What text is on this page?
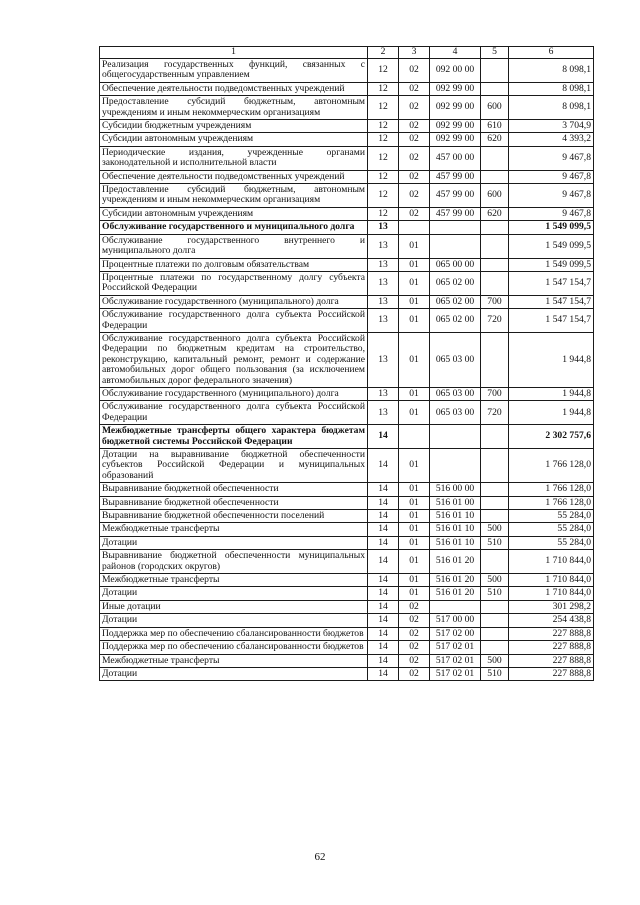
1	2	3	4	5	6
Реализация государственных функций, связанных с общегосударственным управлением	12	02	092 00 00		8 098,1
Обеспечение деятельности подведомственных учреждений	12	02	092 99 00		8 098,1
Предоставление субсидий бюджетным, автономным учреждениям и иным некоммерческим организациям	12	02	092 99 00	600	8 098,1
Субсидии бюджетным учреждениям	12	02	092 99 00	610	3 704,9
Субсидии автономным учреждениям	12	02	092 99 00	620	4 393,2
Периодические издания, учрежденные органами законодательной и исполнительной власти	12	02	457 00 00		9 467,8
Обеспечение деятельности подведомственных учреждений	12	02	457 99 00		9 467,8
Предоставление субсидий бюджетным, автономным учреждениям и иным некоммерческим организациям	12	02	457 99 00	600	9 467,8
Субсидии автономным учреждениям	12	02	457 99 00	620	9 467,8
Обслуживание государственного и муниципального долга	13				1 549 099,5
Обслуживание государственного внутреннего и муниципального долга	13	01			1 549 099,5
Процентные платежи по долговым обязательствам	13	01	065 00 00		1 549 099,5
Процентные платежи по государственному долгу субъекта Российской Федерации	13	01	065 02 00		1 547 154,7
Обслуживание государственного (муниципального) долга	13	01	065 02 00	700	1 547 154,7
Обслуживание государственного долга субъекта Российской Федерации	13	01	065 02 00	720	1 547 154,7
Обслуживание государственного долга субъекта Российской Федерации по бюджетным кредитам на строительство, реконструкцию, капитальный ремонт, ремонт и содержание автомобильных дорог общего пользования (за исключением автомобильных дорог федерального значения)	13	01	065 03 00		1 944,8
Обслуживание государственного (муниципального) долга	13	01	065 03 00	700	1 944,8
Обслуживание государственного долга субъекта Российской Федерации	13	01	065 03 00	720	1 944,8
Межбюджетные трансферты общего характера бюджетам бюджетной системы Российской Федерации	14				2 302 757,6
Дотации на выравнивание бюджетной обеспеченности субъектов Российской Федерации и муниципальных образований	14	01			1 766 128,0
Выравнивание бюджетной обеспеченности	14	01	516 00 00		1 766 128,0
Выравнивание бюджетной обеспеченности	14	01	516 01 00		1 766 128,0
Выравнивание бюджетной обеспеченности поселений	14	01	516 01 10		55 284,0
Межбюджетные трансферты	14	01	516 01 10	500	55 284,0
Дотации	14	01	516 01 10	510	55 284,0
Выравнивание бюджетной обеспеченности муниципальных районов (городских округов)	14	01	516 01 20		1 710 844,0
Межбюджетные трансферты	14	01	516 01 20	500	1 710 844,0
Дотации	14	01	516 01 20	510	1 710 844,0
Иные дотации	14	02			301 298,2
Дотации	14	02	517 00 00		254 438,8
Поддержка мер по обеспечению сбалансированности бюджетов	14	02	517 02 00		227 888,8
Поддержка мер по обеспечению сбалансированности бюджетов	14	02	517 02 01		227 888,8
Межбюджетные трансферты	14	02	517 02 01	500	227 888,8
Дотации	14	02	517 02 01	510	227 888,8
62
